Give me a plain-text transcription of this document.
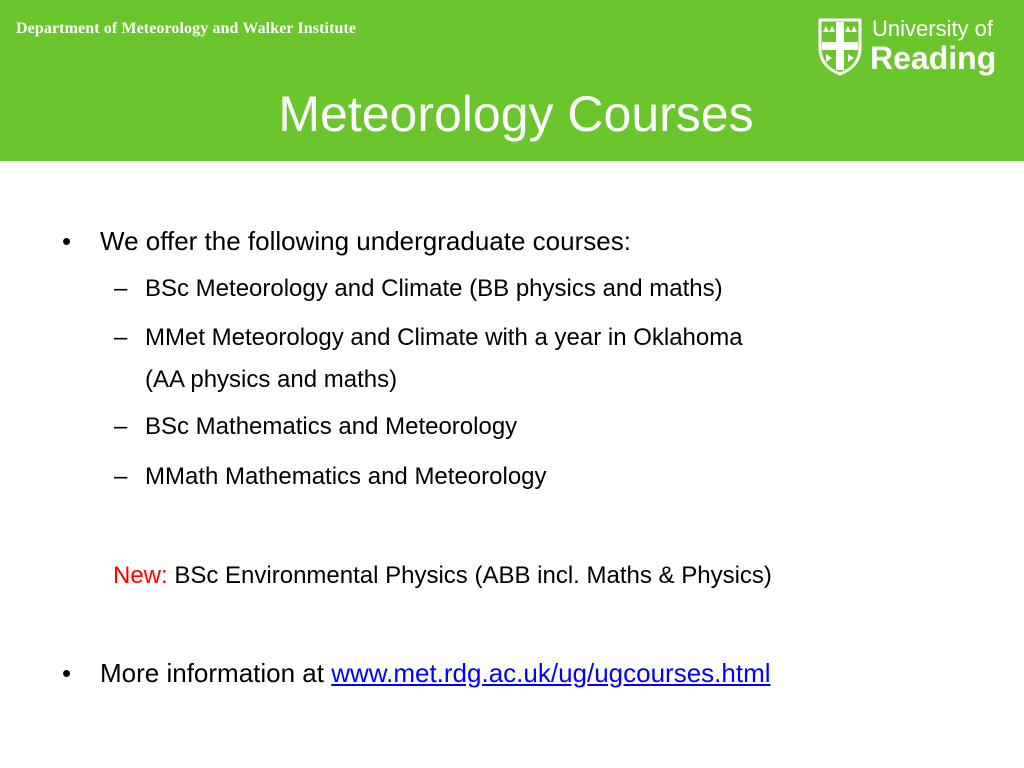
Department of Meteorology and Walker Institute	University of
Reading
Meteorology Courses
• We offer the following undergraduate courses:
– BSc Meteorology and Climate (BB physics and maths)
– MMet Meteorology and Climate with a year in Oklahoma
(AA physics and maths)
– BSc Mathematics and Meteorology
– MMath Mathematics and Meteorology
New: BSc Environmental Physics (ABB incl. Maths & Physics)
• More information at www.met.rdg.ac.uk/ug/ugcourses.html
